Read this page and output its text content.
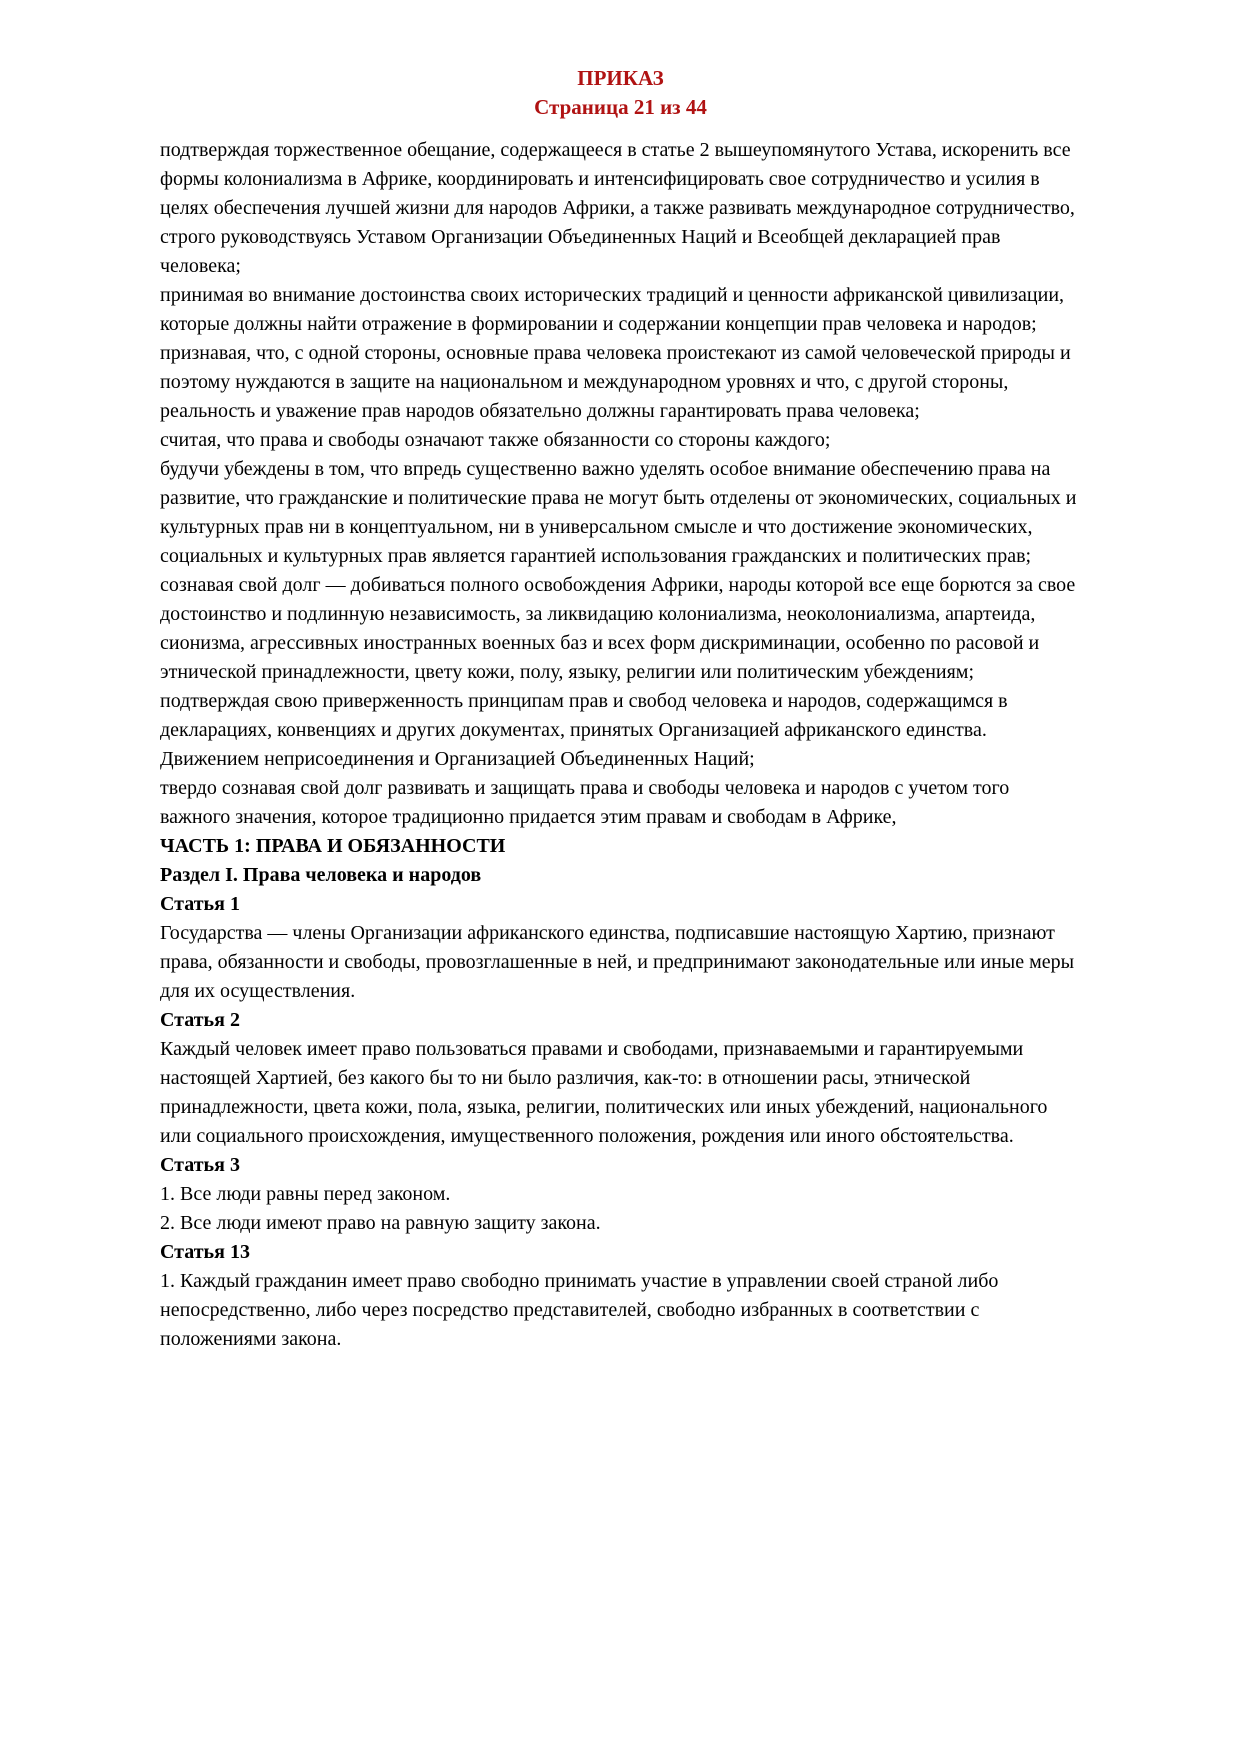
ПРИКАЗ
Страница 21 из 44

подтверждая торжественное обещание, содержащееся в статье 2 вышеупомянутого Устава, искоренить все формы колониализма в Африке, координировать и интенсифицировать свое сотрудничество и усилия в целях обеспечения лучшей жизни для народов Африки, а также развивать международное сотрудничество, строго руководствуясь Уставом Организации Объединенных Наций и Всеобщей декларацией прав человека;

принимая во внимание достоинства своих исторических традиций и ценности африканской цивилизации, которые должны найти отражение в формировании и содержании концепции прав человека и народов;

признавая, что, с одной стороны, основные права человека проистекают из самой человеческой природы и поэтому нуждаются в защите на национальном и международном уровнях и что, с другой стороны, реальность и уважение прав народов обязательно должны гарантировать права человека;

считая, что права и свободы означают также обязанности со стороны каждого;

будучи убеждены в том, что впредь существенно важно уделять особое внимание обеспечению права на развитие, что гражданские и политические права не могут быть отделены от экономических, социальных и культурных прав ни в концептуальном, ни в универсальном смысле и что достижение экономических, социальных и культурных прав является гарантией использования гражданских и политических прав;

сознавая свой долг — добиваться полного освобождения Африки, народы которой все еще борются за свое достоинство и подлинную независимость, за ликвидацию колониализма, неоколониализма, апартеида, сионизма, агрессивных иностранных военных баз и всех форм дискриминации, особенно по расовой и этнической принадлежности, цвету кожи, полу, языку, религии или политическим убеждениям;

подтверждая свою приверженность принципам прав и свобод человека и народов, содержащимся в декларациях, конвенциях и других документах, принятых Организацией африканского единства. Движением неприсоединения и Организацией Объединенных Наций;

твердо сознавая свой долг развивать и защищать права и свободы человека и народов с учетом того важного значения, которое традиционно придается этим правам и свободам в Африке,

ЧАСТЬ 1: ПРАВА И ОБЯЗАННОСТИ
Раздел I. Права человека и народов
Статья 1

Государства — члены Организации африканского единства, подписавшие настоящую Хартию, признают права, обязанности и свободы, провозглашенные в ней, и предпринимают законодательные или иные меры для их осуществления.

Статья 2

Каждый человек имеет право пользоваться правами и свободами, признаваемыми и гарантируемыми настоящей Хартией, без какого бы то ни было различия, как-то: в отношении расы, этнической принадлежности, цвета кожи, пола, языка, религии, политических или иных убеждений, национального или социального происхождения, имущественного положения, рождения или иного обстоятельства.

Статья 3

1. Все люди равны перед законом.

2. Все люди имеют право на равную защиту закона.

Статья 13

1. Каждый гражданин имеет право свободно принимать участие в управлении своей страной либо непосредственно, либо через посредство представителей, свободно избранных в соответствии с положениями закона.
